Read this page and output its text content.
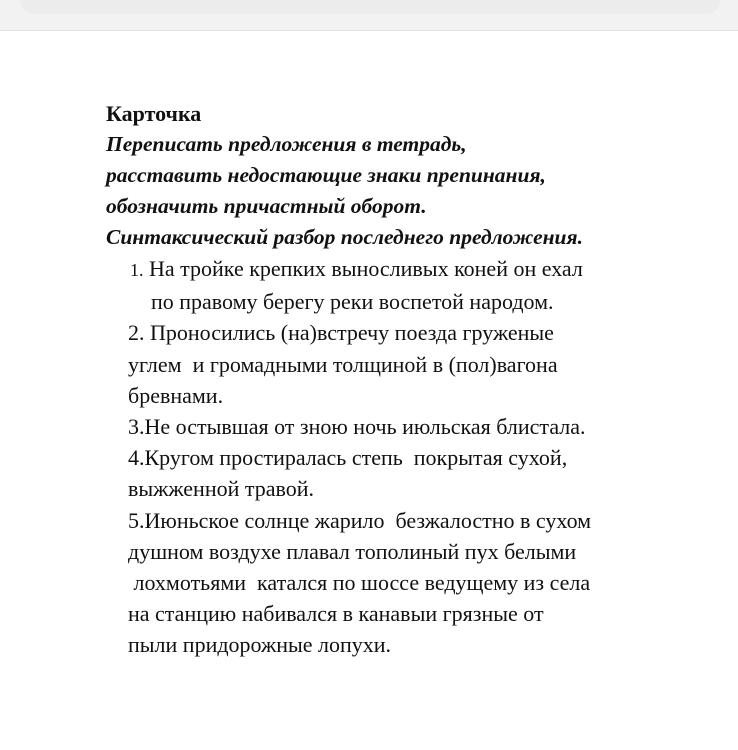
Карточка
Переписать предложения в тетрадь,
расставить недостающие знаки препинания,
обозначить причастный оборот.
Синтаксический разбор последнего предложения.
1. На тройке крепких выносливых коней он ехал
по правому берегу реки воспетой народом.
2. Проносились (на)встречу поезда груженые
углем  и громадными толщиной в (пол)вагона
бревнами.
3.Не остывшая от зною ночь июльская блистала.
4.Кругом простиралась степь  покрытая сухой,
выжженной травой.
5.Июньское солнце жарило  безжалостно в сухом
душном воздухе плавал тополиный пух белыми
лохмотьями  катался по шоссе ведущему из села
на станцию набивался в канавыи грязные от
пыли придорожные лопухи.
